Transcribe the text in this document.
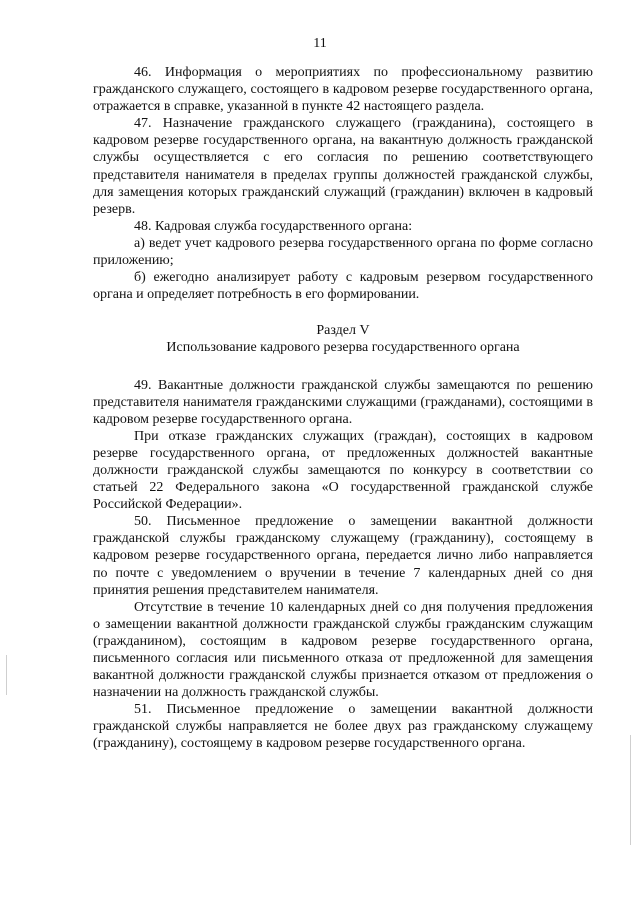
11

46. Информация о мероприятиях по профессиональному развитию гражданского служащего, состоящего в кадровом резерве государственного органа, отражается в справке, указанной в пункте 42 настоящего раздела.

47. Назначение гражданского служащего (гражданина), состоящего в кадровом резерве государственного органа, на вакантную должность гражданской службы осуществляется с его согласия по решению соответствующего представителя нанимателя в пределах группы должностей гражданской службы, для замещения которых гражданский служащий (гражданин) включен в кадровый резерв.

48. Кадровая служба государственного органа:

а) ведет учет кадрового резерва государственного органа по форме согласно приложению;

б) ежегодно анализирует работу с кадровым резервом государственного органа и определяет потребность в его формировании.

Раздел V

Использование кадрового резерва государственного органа

49. Вакантные должности гражданской службы замещаются по решению представителя нанимателя гражданскими служащими (гражданами), состоящими в кадровом резерве государственного органа.

При отказе гражданских служащих (граждан), состоящих в кадровом резерве государственного органа, от предложенных должностей вакантные должности гражданской службы замещаются по конкурсу в соответствии со статьей 22 Федерального закона «О государственной гражданской службе Российской Федерации».

50. Письменное предложение о замещении вакантной должности гражданской службы гражданскому служащему (гражданину), состоящему в кадровом резерве государственного органа, передается лично либо направляется по почте с уведомлением о вручении в течение 7 календарных дней со дня принятия решения представителем нанимателя.

Отсутствие в течение 10 календарных дней со дня получения предложения о замещении вакантной должности гражданской службы гражданским служащим (гражданином), состоящим в кадровом резерве государственного органа, письменного согласия или письменного отказа от предложенной для замещения вакантной должности гражданской службы признается отказом от предложения о назначении на должность гражданской службы.

51. Письменное предложение о замещении вакантной должности гражданской службы направляется не более двух раз гражданскому служащему (гражданину), состоящему в кадровом резерве государственного органа.
